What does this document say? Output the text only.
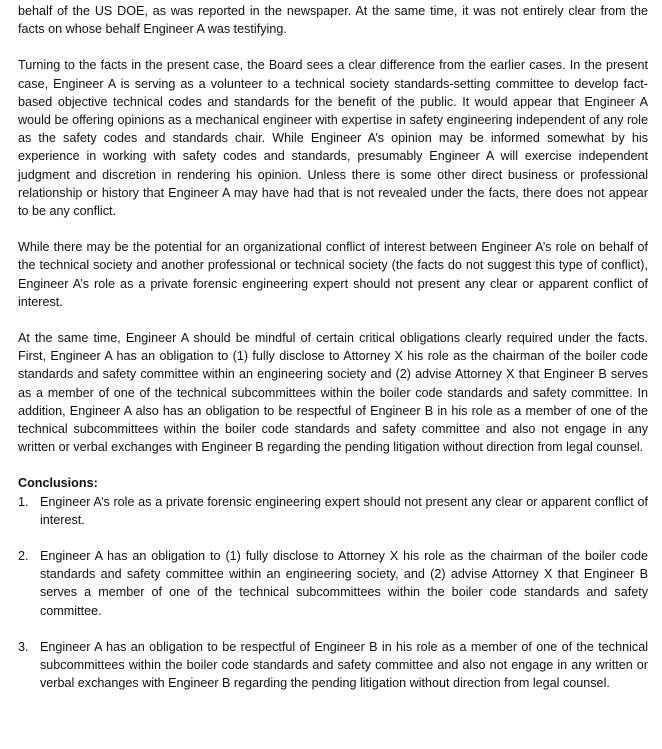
behalf of the US DOE, as was reported in the newspaper. At the same time, it was not entirely clear from the facts on whose behalf Engineer A was testifying.

Turning to the facts in the present case, the Board sees a clear difference from the earlier cases. In the present case, Engineer A is serving as a volunteer to a technical society standards-setting committee to develop fact-based objective technical codes and standards for the benefit of the public. It would appear that Engineer A would be offering opinions as a mechanical engineer with expertise in safety engineering independent of any role as the safety codes and standards chair. While Engineer A’s opinion may be informed somewhat by his experience in working with safety codes and standards, presumably Engineer A will exercise independent judgment and discretion in rendering his opinion. Unless there is some other direct business or professional relationship or history that Engineer A may have had that is not revealed under the facts, there does not appear to be any conflict.

While there may be the potential for an organizational conflict of interest between Engineer A’s role on behalf of the technical society and another professional or technical society (the facts do not suggest this type of conflict), Engineer A’s role as a private forensic engineering expert should not present any clear or apparent conflict of interest.

At the same time, Engineer A should be mindful of certain critical obligations clearly required under the facts. First, Engineer A has an obligation to (1) fully disclose to Attorney X his role as the chairman of the boiler code standards and safety committee within an engineering society and (2) advise Attorney X that Engineer B serves as a member of one of the technical subcommittees within the boiler code standards and safety committee. In addition, Engineer A also has an obligation to be respectful of Engineer B in his role as a member of one of the technical subcommittees within the boiler code standards and safety committee and also not engage in any written or verbal exchanges with Engineer B regarding the pending litigation without direction from legal counsel.

Conclusions:

1. Engineer A’s role as a private forensic engineering expert should not present any clear or apparent conflict of interest.
2. Engineer A has an obligation to (1) fully disclose to Attorney X his role as the chairman of the boiler code standards and safety committee within an engineering society, and (2) advise Attorney X that Engineer B serves a member of one of the technical subcommittees within the boiler code standards and safety committee.
3. Engineer A has an obligation to be respectful of Engineer B in his role as a member of one of the technical subcommittees within the boiler code standards and safety committee and also not engage in any written or verbal exchanges with Engineer B regarding the pending litigation without direction from legal counsel.
